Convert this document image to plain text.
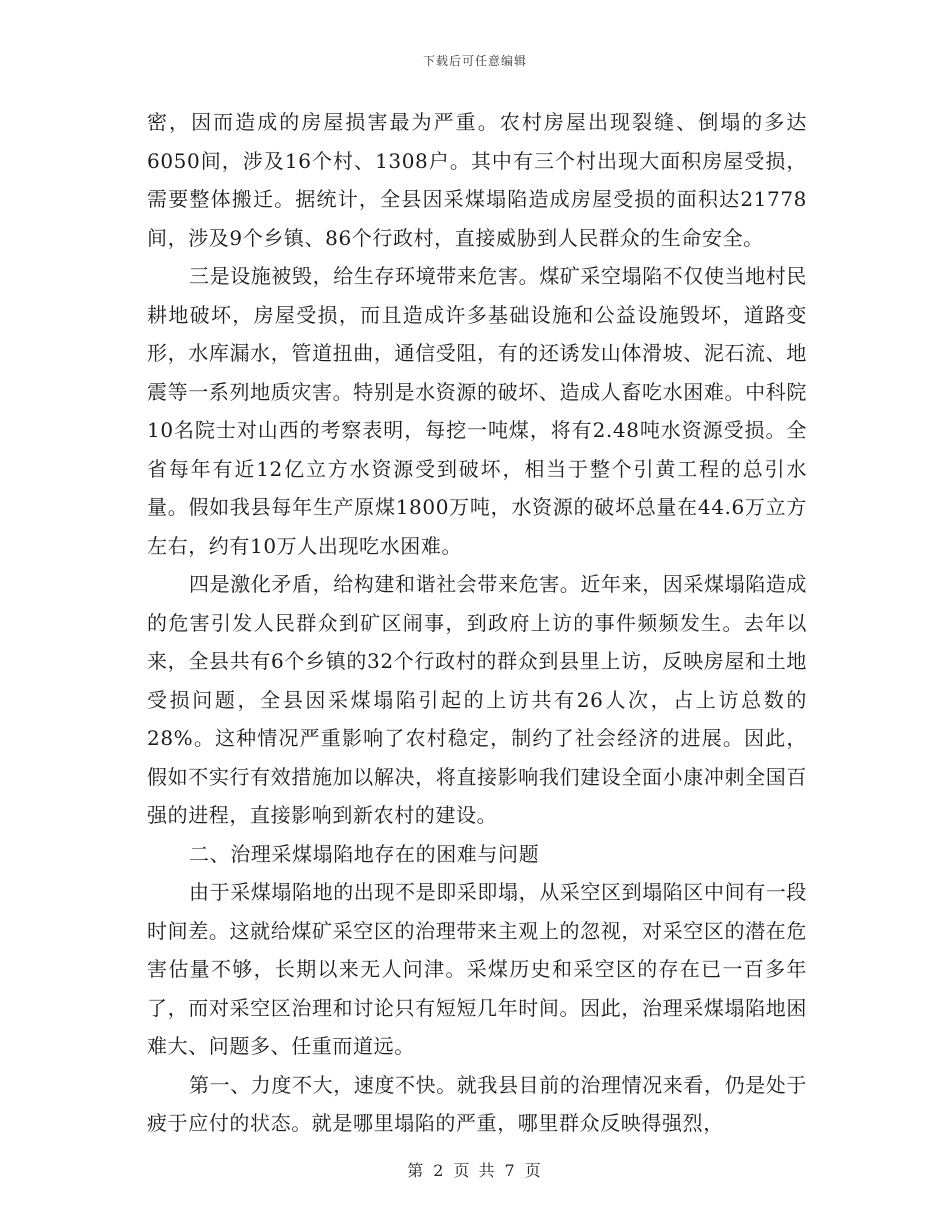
下载后可任意编辑

密，因而造成的房屋损害最为严重。农村房屋出现裂缝、倒塌的多达6050间，涉及16个村、1308户。其中有三个村出现大面积房屋受损，需要整体搬迁。据统计，全县因采煤塌陷造成房屋受损的面积达21778间，涉及9个乡镇、86个行政村，直接威胁到人民群众的生命安全。

三是设施被毁，给生存环境带来危害。煤矿采空塌陷不仅使当地村民耕地破坏，房屋受损，而且造成许多基础设施和公益设施毁坏，道路变形，水库漏水，管道扭曲，通信受阻，有的还诱发山体滑坡、泥石流、地震等一系列地质灾害。特别是水资源的破坏、造成人畜吃水困难。中科院10名院士对山西的考察表明，每挖一吨煤，将有2.48吨水资源受损。全省每年有近12亿立方水资源受到破坏，相当于整个引黄工程的总引水量。假如我县每年生产原煤1800万吨，水资源的破坏总量在44.6万立方左右，约有10万人出现吃水困难。

四是激化矛盾，给构建和谐社会带来危害。近年来，因采煤塌陷造成的危害引发人民群众到矿区闹事，到政府上访的事件频频发生。去年以来，全县共有6个乡镇的32个行政村的群众到县里上访，反映房屋和土地受损问题，全县因采煤塌陷引起的上访共有26人次，占上访总数的28%。这种情况严重影响了农村稳定，制约了社会经济的进展。因此，假如不实行有效措施加以解决，将直接影响我们建设全面小康冲刺全国百强的进程，直接影响到新农村的建设。

二、治理采煤塌陷地存在的困难与问题

由于采煤塌陷地的出现不是即采即塌，从采空区到塌陷区中间有一段时间差。这就给煤矿采空区的治理带来主观上的忽视，对采空区的潜在危害估量不够，长期以来无人问津。采煤历史和采空区的存在已一百多年了，而对采空区治理和讨论只有短短几年时间。因此，治理采煤塌陷地困难大、问题多、任重而道远。

第一、力度不大，速度不快。就我县目前的治理情况来看，仍是处于疲于应付的状态。就是哪里塌陷的严重，哪里群众反映得强烈，

第 2 页 共 7 页
